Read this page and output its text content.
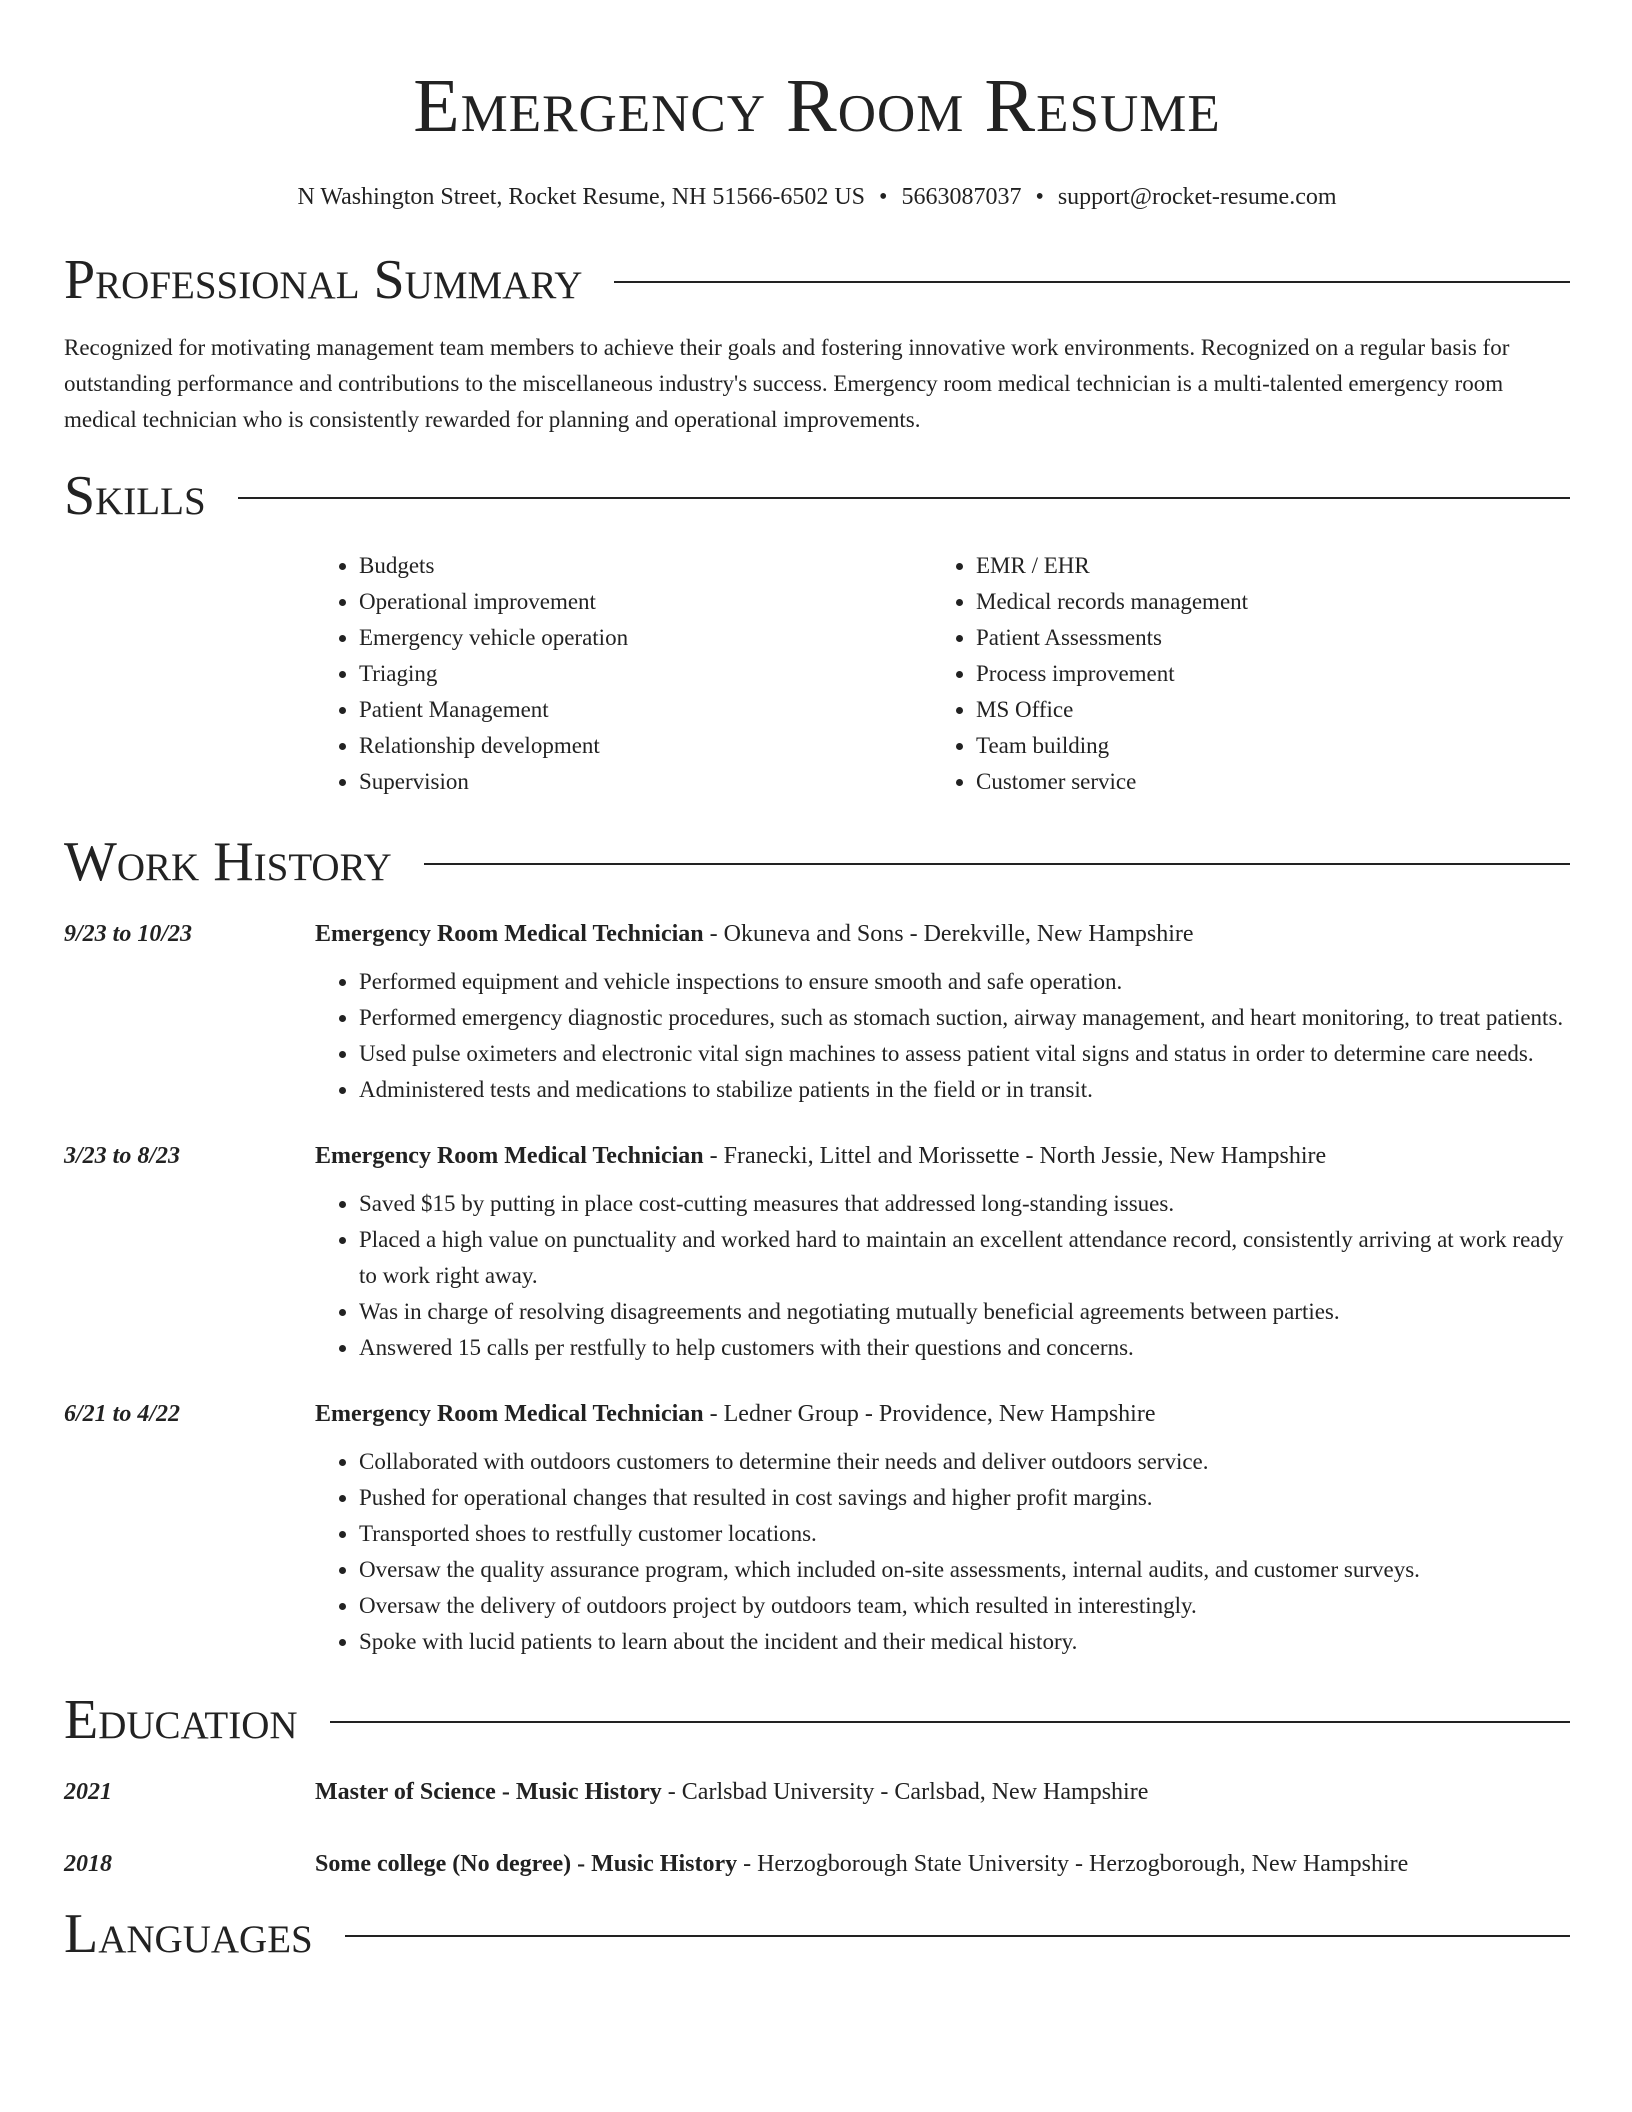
Emergency Room Resume
N Washington Street, Rocket Resume, NH 51566-6502 US • 5663087037 • support@rocket-resume.com
Professional Summary

Recognized for motivating management team members to achieve their goals and fostering innovative work environments. Recognized on a regular basis for outstanding performance and contributions to the miscellaneous industry's success. Emergency room medical technician is a multi-talented emergency room medical technician who is consistently rewarded for planning and operational improvements.

Skills
• Budgets
• Operational improvement
• Emergency vehicle operation
• Triaging
• Patient Management
• Relationship development
• Supervision
• EMR / EHR
• Medical records management
• Patient Assessments
• Process improvement
• MS Office
• Team building
• Customer service
Work History
9/23 to 10/23	Emergency Room Medical Technician - Okuneva and Sons - Derekville, New Hampshire
• Performed equipment and vehicle inspections to ensure smooth and safe operation.
• Performed emergency diagnostic procedures, such as stomach suction, airway management, and heart monitoring, to treat patients.
• Used pulse oximeters and electronic vital sign machines to assess patient vital signs and status in order to determine care needs.
• Administered tests and medications to stabilize patients in the field or in transit.
3/23 to 8/23	Emergency Room Medical Technician - Franecki, Littel and Morissette - North Jessie, New Hampshire
• Saved $15 by putting in place cost-cutting measures that addressed long-standing issues.
• Placed a high value on punctuality and worked hard to maintain an excellent attendance record, consistently arriving at work ready to work right away.
• Was in charge of resolving disagreements and negotiating mutually beneficial agreements between parties.
• Answered 15 calls per restfully to help customers with their questions and concerns.
6/21 to 4/22	Emergency Room Medical Technician - Ledner Group - Providence, New Hampshire
• Collaborated with outdoors customers to determine their needs and deliver outdoors service.
• Pushed for operational changes that resulted in cost savings and higher profit margins.
• Transported shoes to restfully customer locations.
• Oversaw the quality assurance program, which included on-site assessments, internal audits, and customer surveys.
• Oversaw the delivery of outdoors project by outdoors team, which resulted in interestingly.
• Spoke with lucid patients to learn about the incident and their medical history.
Education
2021	Master of Science - Music History - Carlsbad University - Carlsbad, New Hampshire
2018	Some college (No degree) - Music History - Herzogborough State University - Herzogborough, New Hampshire
Languages
